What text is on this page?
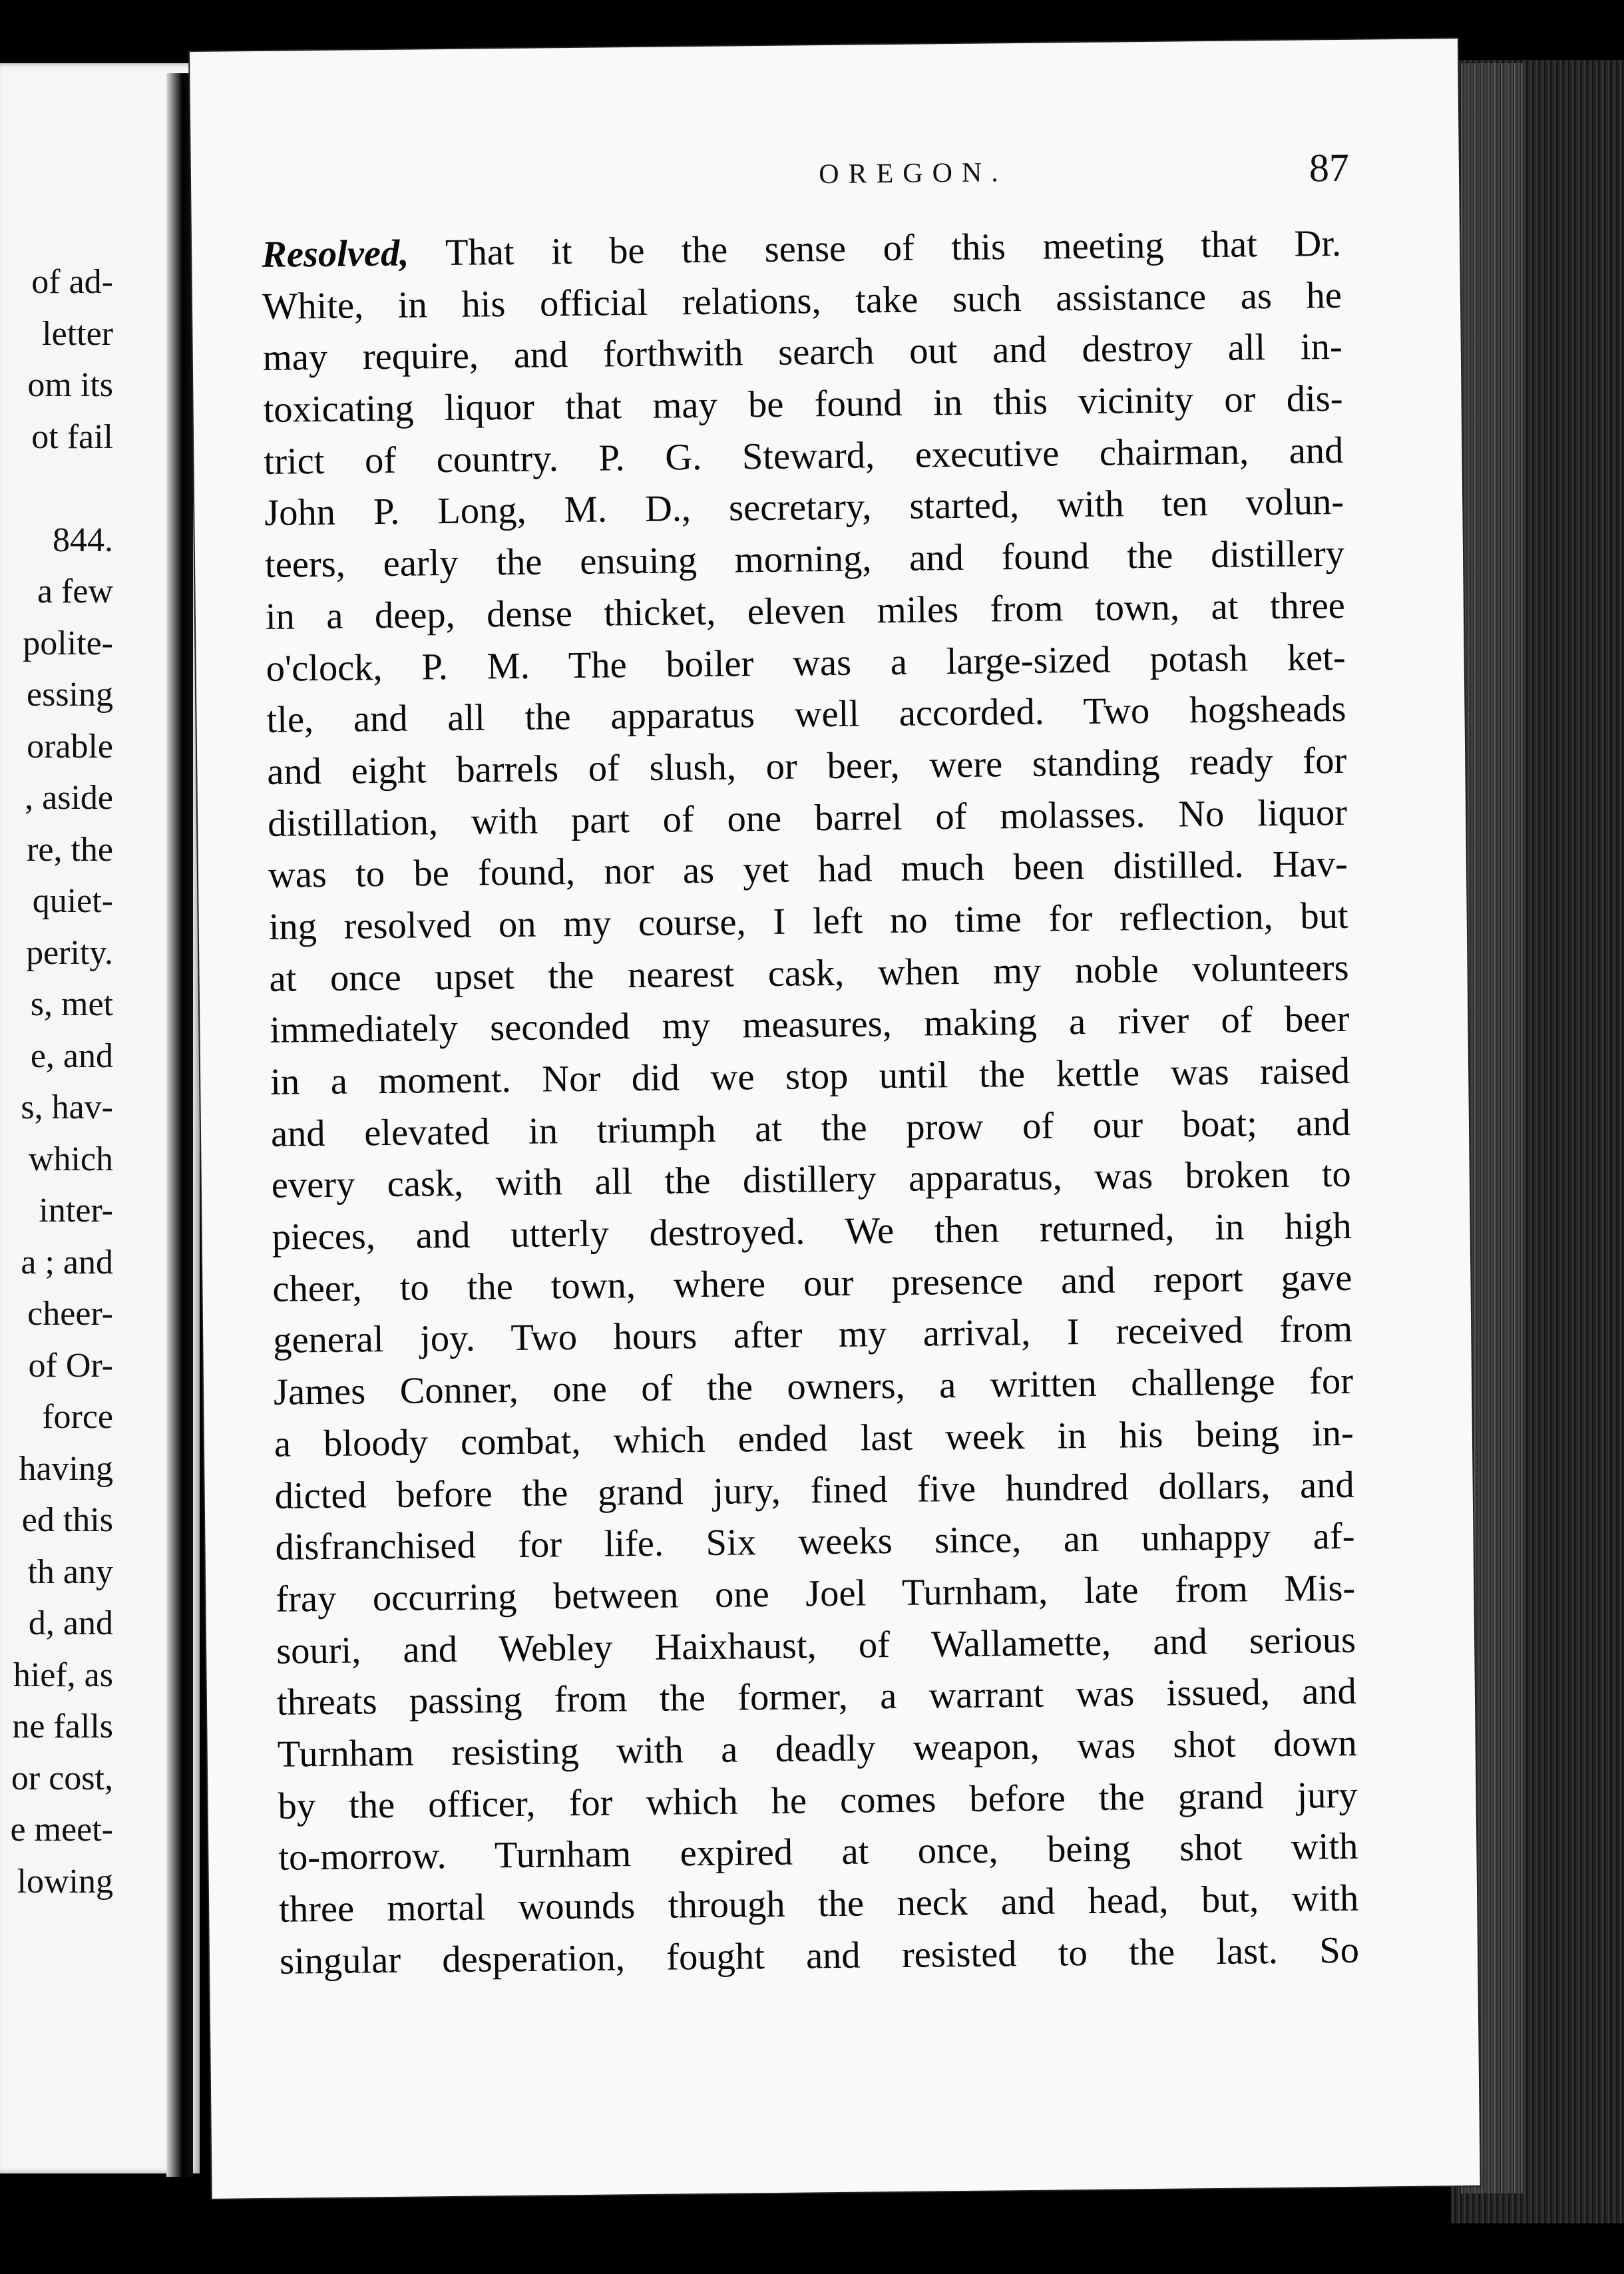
of ad-
letter
om its
ot fail
844.
a few
polite-
essing
orable
, aside
re, the
quiet-
perity.
s, met
e, and
s, hav-
which
inter-
a ; and
cheer-
of Or-
force
having
ed this
th any
d, and
hief, as
ne falls
or cost,
e meet-
lowing
OREGON.	87
Resolved, That it be the sense of this meeting that Dr.
White, in his official relations, take such assistance as he
may require, and forthwith search out and destroy all in-
toxicating liquor that may be found in this vicinity or dis-
trict of country. P. G. Steward, executive chairman, and
John P. Long, M. D., secretary, started, with ten volun-
teers, early the ensuing morning, and found the distillery
in a deep, dense thicket, eleven miles from town, at three
o'clock, P. M. The boiler was a large-sized potash ket-
tle, and all the apparatus well accorded. Two hogsheads
and eight barrels of slush, or beer, were standing ready for
distillation, with part of one barrel of molasses. No liquor
was to be found, nor as yet had much been distilled. Hav-
ing resolved on my course, I left no time for reflection, but
at once upset the nearest cask, when my noble volunteers
immediately seconded my measures, making a river of beer
in a moment. Nor did we stop until the kettle was raised
and elevated in triumph at the prow of our boat; and
every cask, with all the distillery apparatus, was broken to
pieces, and utterly destroyed. We then returned, in high
cheer, to the town, where our presence and report gave
general joy. Two hours after my arrival, I received from
James Conner, one of the owners, a written challenge for
a bloody combat, which ended last week in his being in-
dicted before the grand jury, fined five hundred dollars, and
disfranchised for life. Six weeks since, an unhappy af-
fray occurring between one Joel Turnham, late from Mis-
souri, and Webley Haixhaust, of Wallamette, and serious
threats passing from the former, a warrant was issued, and
Turnham resisting with a deadly weapon, was shot down
by the officer, for which he comes before the grand jury
to-morrow. Turnham expired at once, being shot with
three mortal wounds through the neck and head, but, with
singular desperation, fought and resisted to the last. So
